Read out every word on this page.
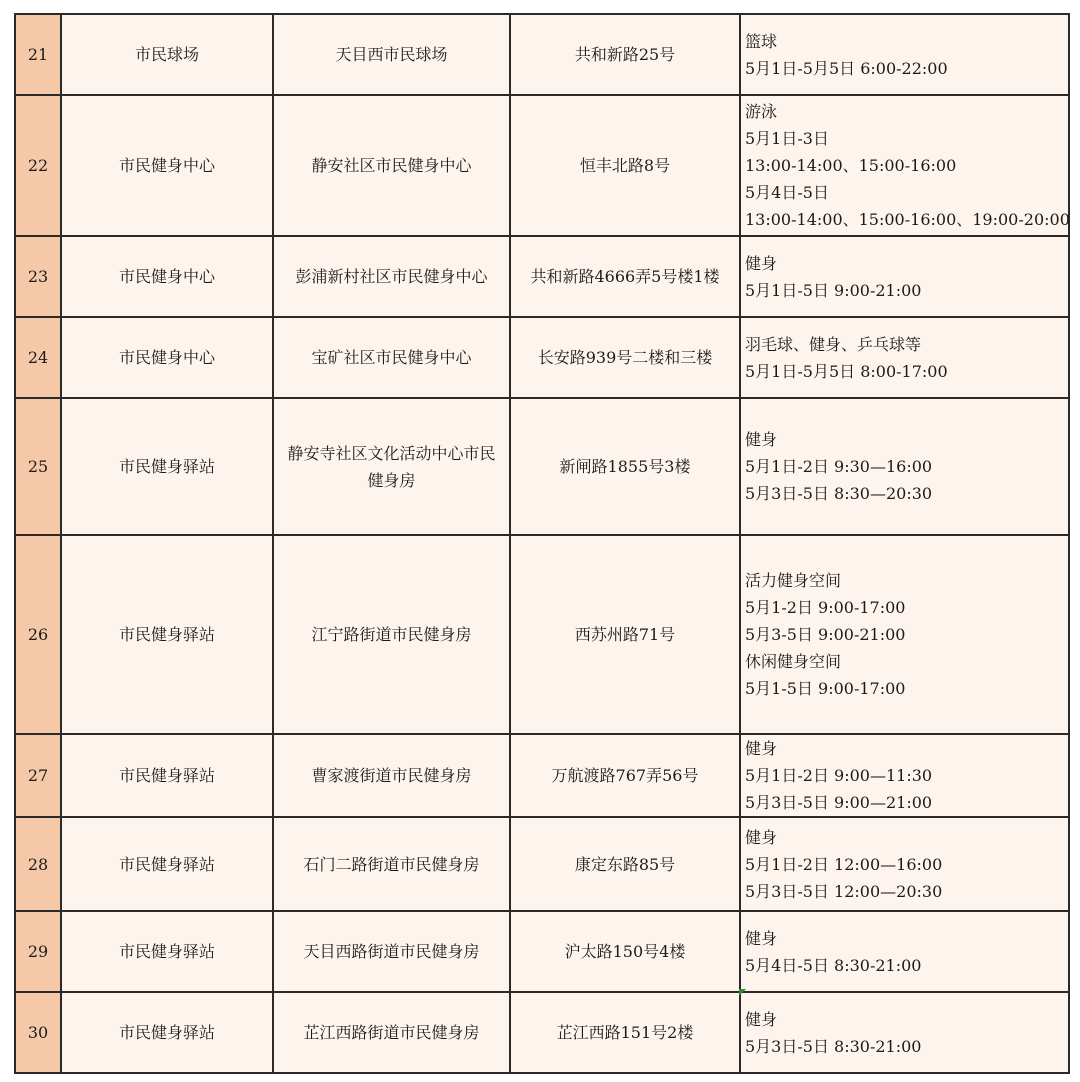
21	市民球场	天目西市民球场	共和新路25号	篮球
5月1日-5月5日 6:00-22:00

22	市民健身中心	静安社区市民健身中心	恒丰北路8号	游泳
5月1日-3日
13:00-14:00、15:00-16:00
5月4日-5日
13:00-14:00、15:00-16:00、19:00-20:00

23	市民健身中心	彭浦新村社区市民健身中心	共和新路4666弄5号楼1楼	健身
5月1日-5日 9:00-21:00

24	市民健身中心	宝矿社区市民健身中心	长安路939号二楼和三楼	羽毛球、健身、乒乓球等
5月1日-5月5日 8:00-17:00

25	市民健身驿站	静安寺社区文化活动中心市民健身房	新闸路1855号3楼	健身
5月1日-2日 9:30—16:00
5月3日-5日 8:30—20:30

26	市民健身驿站	江宁路街道市民健身房	西苏州路71号	活力健身空间
5月1-2日 9:00-17:00
5月3-5日 9:00-21:00
休闲健身空间
5月1-5日 9:00-17:00

27	市民健身驿站	曹家渡街道市民健身房	万航渡路767弄56号	健身
5月1日-2日 9:00—11:30
5月3日-5日 9:00—21:00

28	市民健身驿站	石门二路街道市民健身房	康定东路85号	健身
5月1日-2日 12:00—16:00
5月3日-5日 12:00—20:30

29	市民健身驿站	天目西路街道市民健身房	沪太路150号4楼	健身
5月4日-5日 8:30-21:00

30	市民健身驿站	芷江西路街道市民健身房	芷江西路151号2楼	健身
5月3日-5日 8:30-21:00
